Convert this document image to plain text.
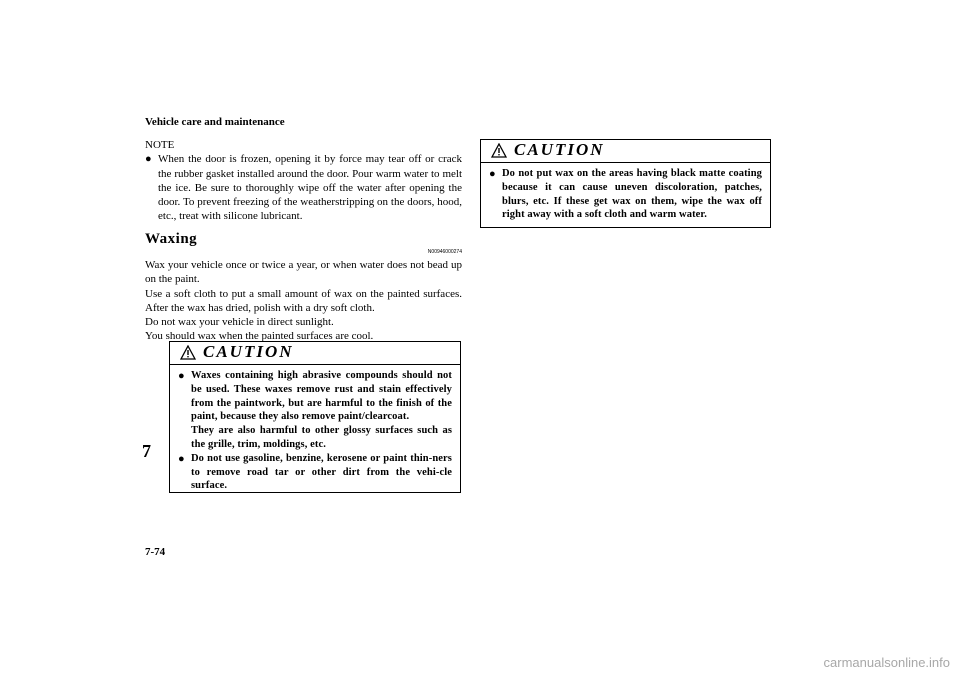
Vehicle care and maintenance
NOTE
● When the door is frozen, opening it by force may tear off or crack the rubber gasket installed around the door. Pour warm water to melt the ice. Be sure to thoroughly wipe off the water after opening the door. To prevent freezing of the weatherstripping on the doors, hood, etc., treat with silicone lubricant.
Waxing
N00946000274

Wax your vehicle once or twice a year, or when water does not bead up on the paint.

Use a soft cloth to put a small amount of wax on the painted surfaces. After the wax has dried, polish with a dry soft cloth.

Do not wax your vehicle in direct sunlight.

You should wax when the painted surfaces are cool.

CAUTION
● Waxes containing high abrasive compounds should not be used. These waxes remove rust and stain effectively from the paintwork, but are harmful to the finish of the paint, because they also remove paint/clearcoat.

They are also harmful to other glossy surfaces such as the grille, trim, moldings, etc.

● Do not use gasoline, benzine, kerosene or paint thin-ners to remove road tar or other dirt from the vehi-cle surface.
CAUTION
● Do not put wax on the areas having black matte coating because it can cause uneven discoloration, patches, blurs, etc. If these get wax on them, wipe the wax off right away with a soft cloth and warm water.
7
7-74
carmanualsonline.info
